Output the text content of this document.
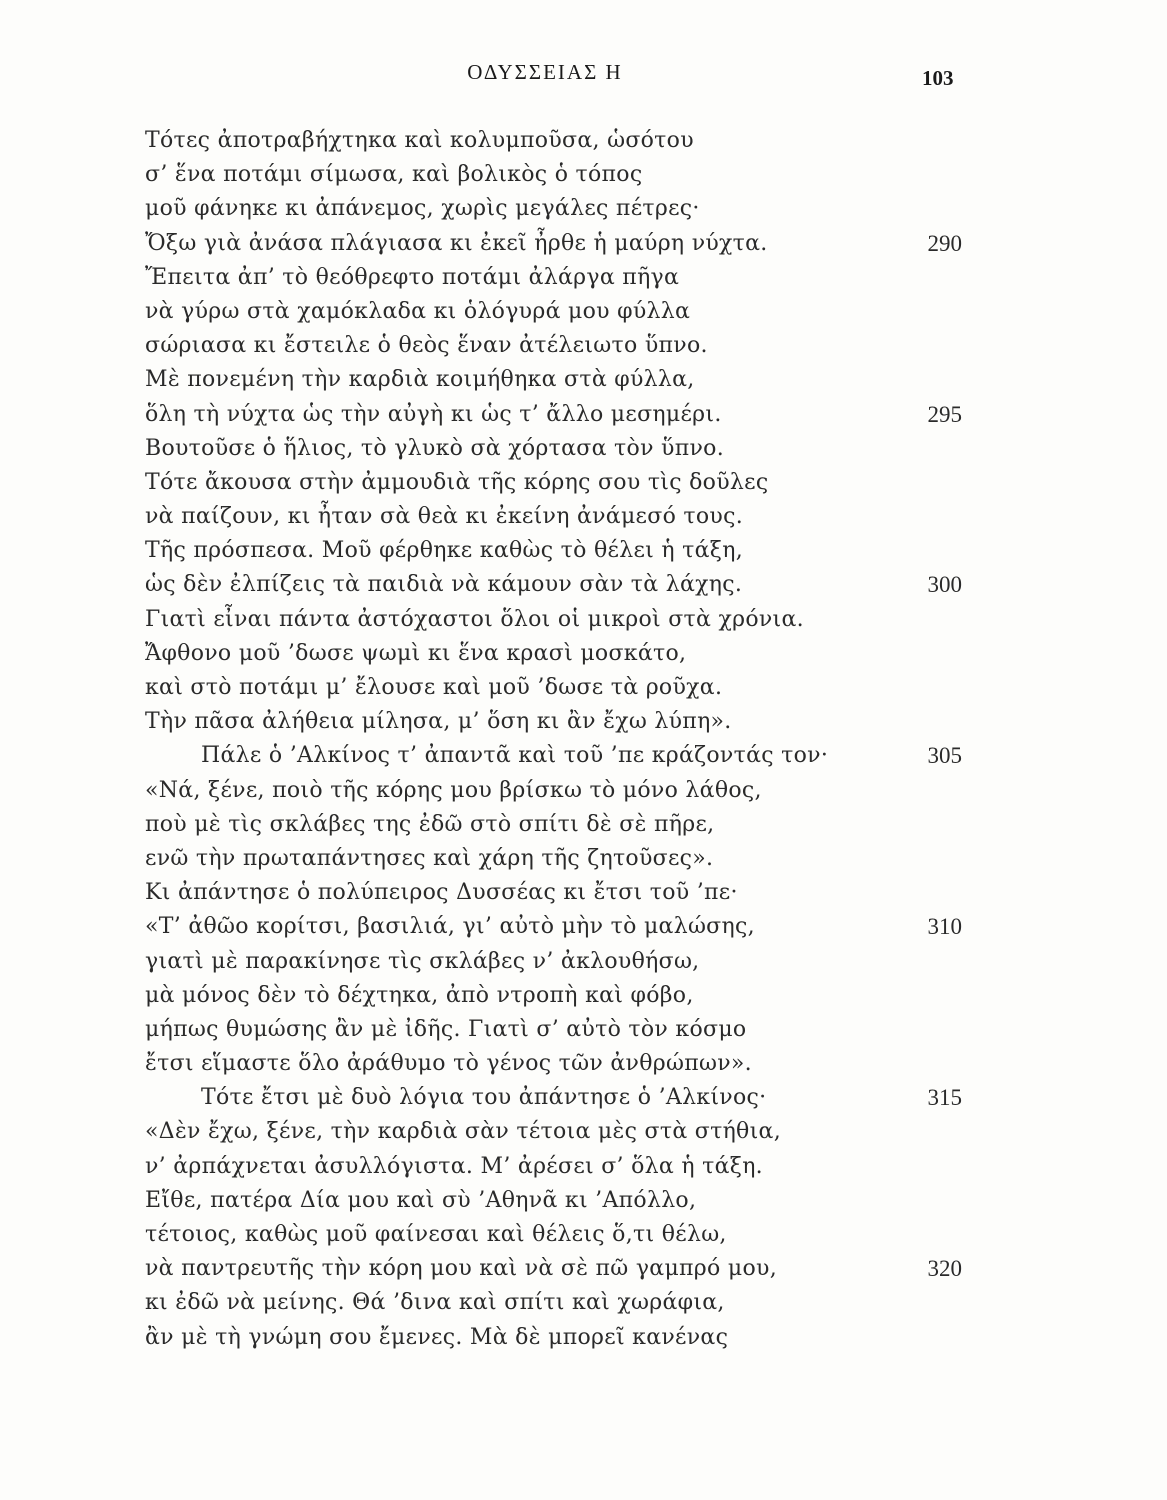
ΟΔΥΣΣΕΙΑΣ Η	103
Τότες ἀποτραβήχτηκα καὶ κολυμποῦσα, ὡσότου
σ’ ἕνα ποτάμι σίμωσα, καὶ βολικὸς ὁ τόπος
μοῦ φάνηκε κι ἀπάνεμος, χωρὶς μεγάλες πέτρες·
Ὄξω γιὰ ἀνάσα πλάγιασα κι ἐκεῖ ἦρθε ἡ μαύρη νύχτα.	290
Ἔπειτα ἀπ’ τὸ θεόθρεφτο ποτάμι ἀλάργα πῆγα
νὰ γύρω στὰ χαμόκλαδα κι ὁλόγυρά μου φύλλα
σώριασα κι ἔστειλε ὁ θεὸς ἕναν ἀτέλειωτο ὕπνο.
Μὲ πονεμένη τὴν καρδιὰ κοιμήθηκα στὰ φύλλα,
ὅλη τὴ νύχτα ὡς τὴν αὐγὴ κι ὡς τ’ ἄλλο μεσημέρι.	295
Βουτοῦσε ὁ ἥλιος, τὸ γλυκὸ σὰ χόρτασα τὸν ὕπνο.
Τότε ἄκουσα στὴν ἀμμουδιὰ τῆς κόρης σου τὶς δοῦλες
νὰ παίζουν, κι ἦταν σὰ θεὰ κι ἐκείνη ἀνάμεσό τους.
Τῆς πρόσπεσα. Μοῦ φέρθηκε καθὼς τὸ θέλει ἡ τάξη,
ὡς δὲν ἐλπίζεις τὰ παιδιὰ νὰ κάμουν σὰν τὰ λάχης.	300
Γιατὶ εἶναι πάντα ἀστόχαστοι ὅλοι οἱ μικροὶ στὰ χρόνια.
Ἄφθονο μοῦ ’δωσε ψωμὶ κι ἕνα κρασὶ μοσκάτο,
καὶ στὸ ποτάμι μ’ ἔλουσε καὶ μοῦ ’δωσε τὰ ροῦχα.
Τὴν πᾶσα ἀλήθεια μίλησα, μ’ ὅση κι ἂν ἔχω λύπη».
Πάλε ὁ ’Αλκίνος τ’ ἀπαντᾶ καὶ τοῦ ’πε κράζοντάς τον·	305
«Νά, ξένε, ποιὸ τῆς κόρης μου βρίσκω τὸ μόνο λάθος,
ποὺ μὲ τὶς σκλάβες της ἐδῶ στὸ σπίτι δὲ σὲ πῆρε,
ενῶ τὴν πρωταπάντησες καὶ χάρη τῆς ζητοῦσες».
Κι ἀπάντησε ὁ πολύπειρος Δυσσέας κι ἔτσι τοῦ ’πε·
«Τ’ ἀθῶο κορίτσι, βασιλιά, γι’ αὐτὸ μὴν τὸ μαλώσης,	310
γιατὶ μὲ παρακίνησε τὶς σκλάβες ν’ ἀκλουθήσω,
μὰ μόνος δὲν τὸ δέχτηκα, ἀπὸ ντροπὴ καὶ φόβο,
μήπως θυμώσης ἂν μὲ ἰδῆς. Γιατὶ σ’ αὐτὸ τὸν κόσμο
ἔτσι εἵμαστε ὅλο ἀράθυμο τὸ γένος τῶν ἀνθρώπων».
Τότε ἔτσι μὲ δυὸ λόγια του ἀπάντησε ὁ ’Αλκίνος·	315
«Δὲν ἔχω, ξένε, τὴν καρδιὰ σὰν τέτοια μὲς στὰ στήθια,
ν’ ἀρπάχνεται ἀσυλλόγιστα. Μ’ ἀρέσει σ’ ὅλα ἡ τάξη.
Εἴθε, πατέρα Δία μου καὶ σὺ ’Αθηνᾶ κι ’Απόλλο,
τέτοιος, καθὼς μοῦ φαίνεσαι καὶ θέλεις ὅ,τι θέλω,
νὰ παντρευτῆς τὴν κόρη μου καὶ νὰ σὲ πῶ γαμπρό μου,	320
κι ἐδῶ νὰ μείνης. Θά ’δινα καὶ σπίτι καὶ χωράφια,
ἂν μὲ τὴ γνώμη σου ἔμενες. Μὰ δὲ μπορεῖ κανένας
